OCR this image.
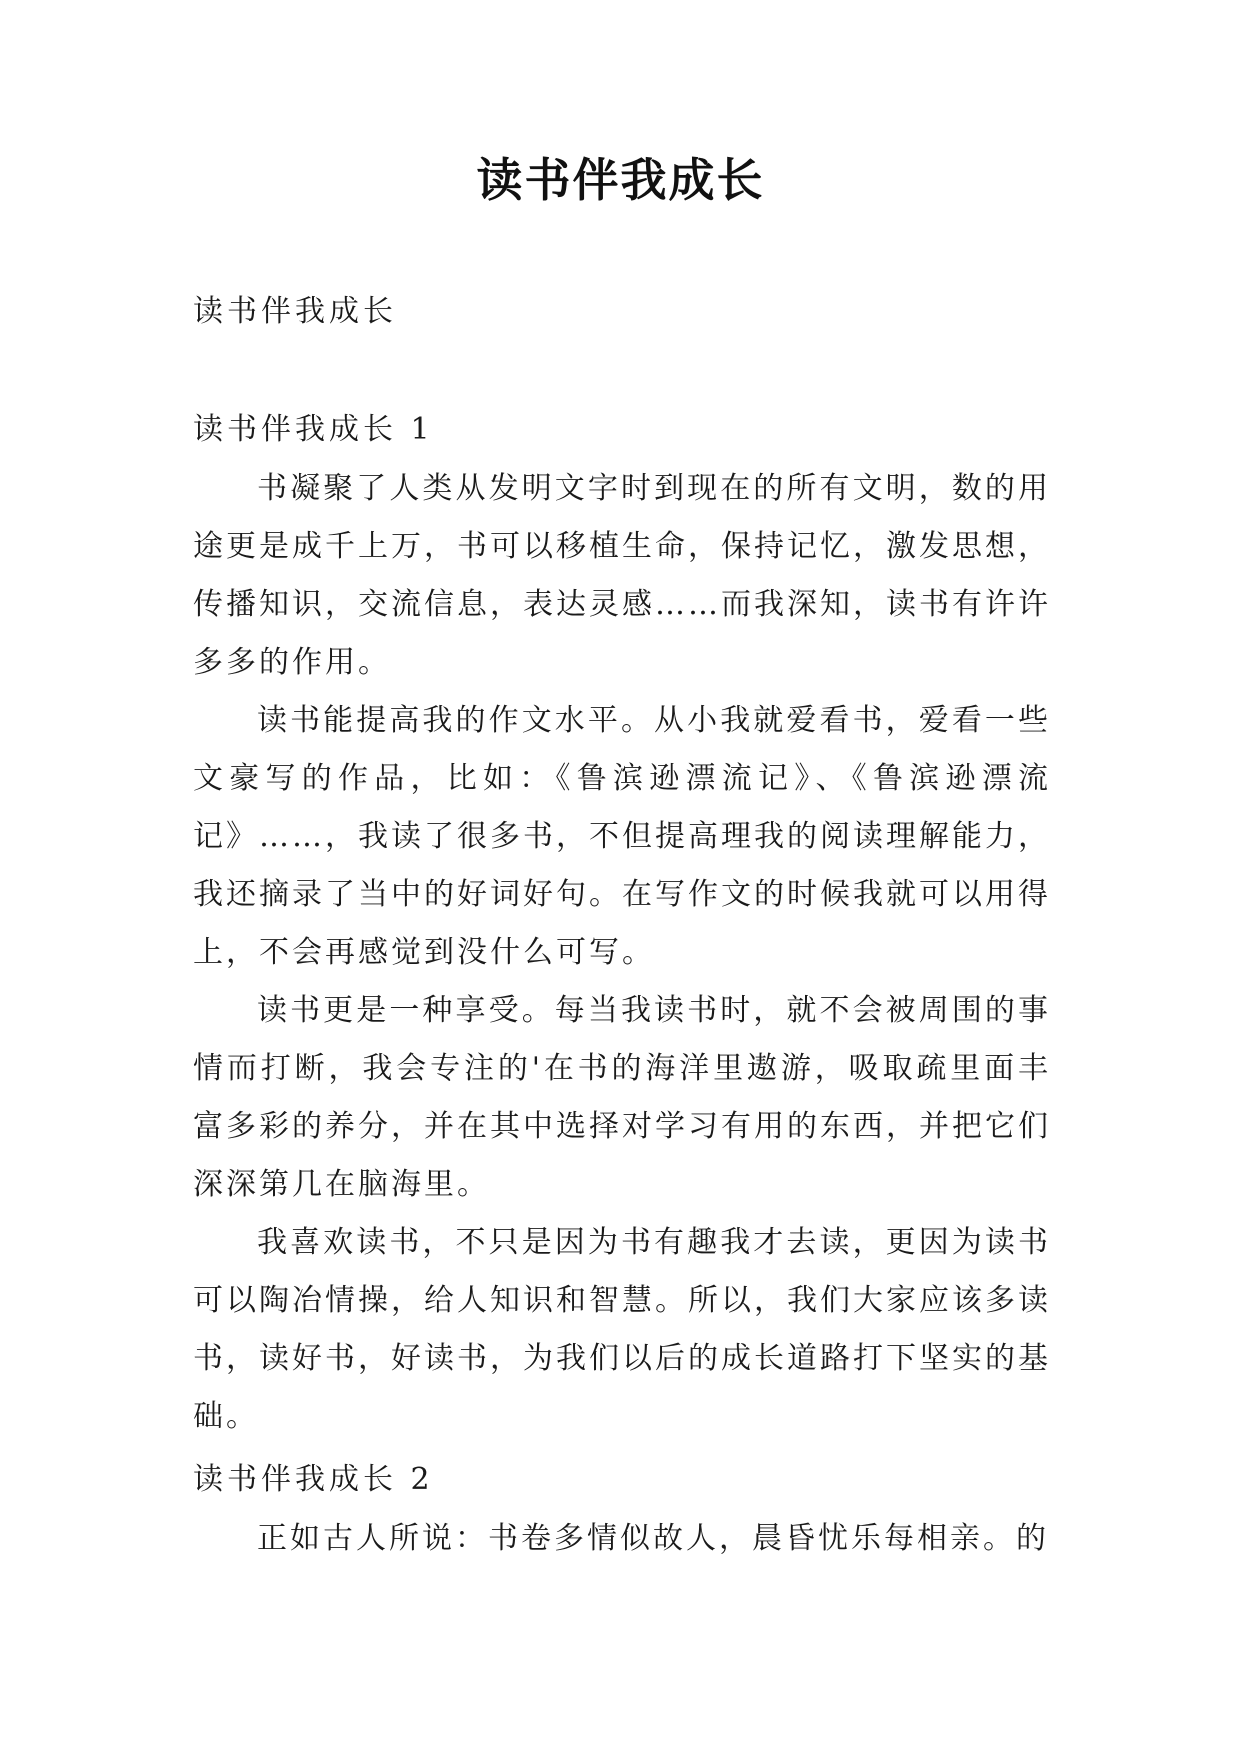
读书伴我成长
读书伴我成长

读书伴我成长 1

书凝聚了人类从发明文字时到现在的所有文明，数的用途更是成千上万，书可以移植生命，保持记忆，激发思想，传播知识，交流信息，表达灵感……而我深知，读书有许许多多的作用。

读书能提高我的作文水平。从小我就爱看书，爱看一些文豪写的作品，比如：《鲁滨逊漂流记》、《鲁滨逊漂流记》……，我读了很多书，不但提高理我的阅读理解能力，我还摘录了当中的好词好句。在写作文的时候我就可以用得上，不会再感觉到没什么可写。

读书更是一种享受。每当我读书时，就不会被周围的事情而打断，我会专注的'在书的海洋里遨游，吸取疏里面丰富多彩的养分，并在其中选择对学习有用的东西，并把它们深深第几在脑海里。

我喜欢读书，不只是因为书有趣我才去读，更因为读书可以陶冶情操，给人知识和智慧。所以，我们大家应该多读书，读好书，好读书，为我们以后的成长道路打下坚实的基础。

读书伴我成长 2

正如古人所说：书卷多情似故人，晨昏忧乐每相亲。的
